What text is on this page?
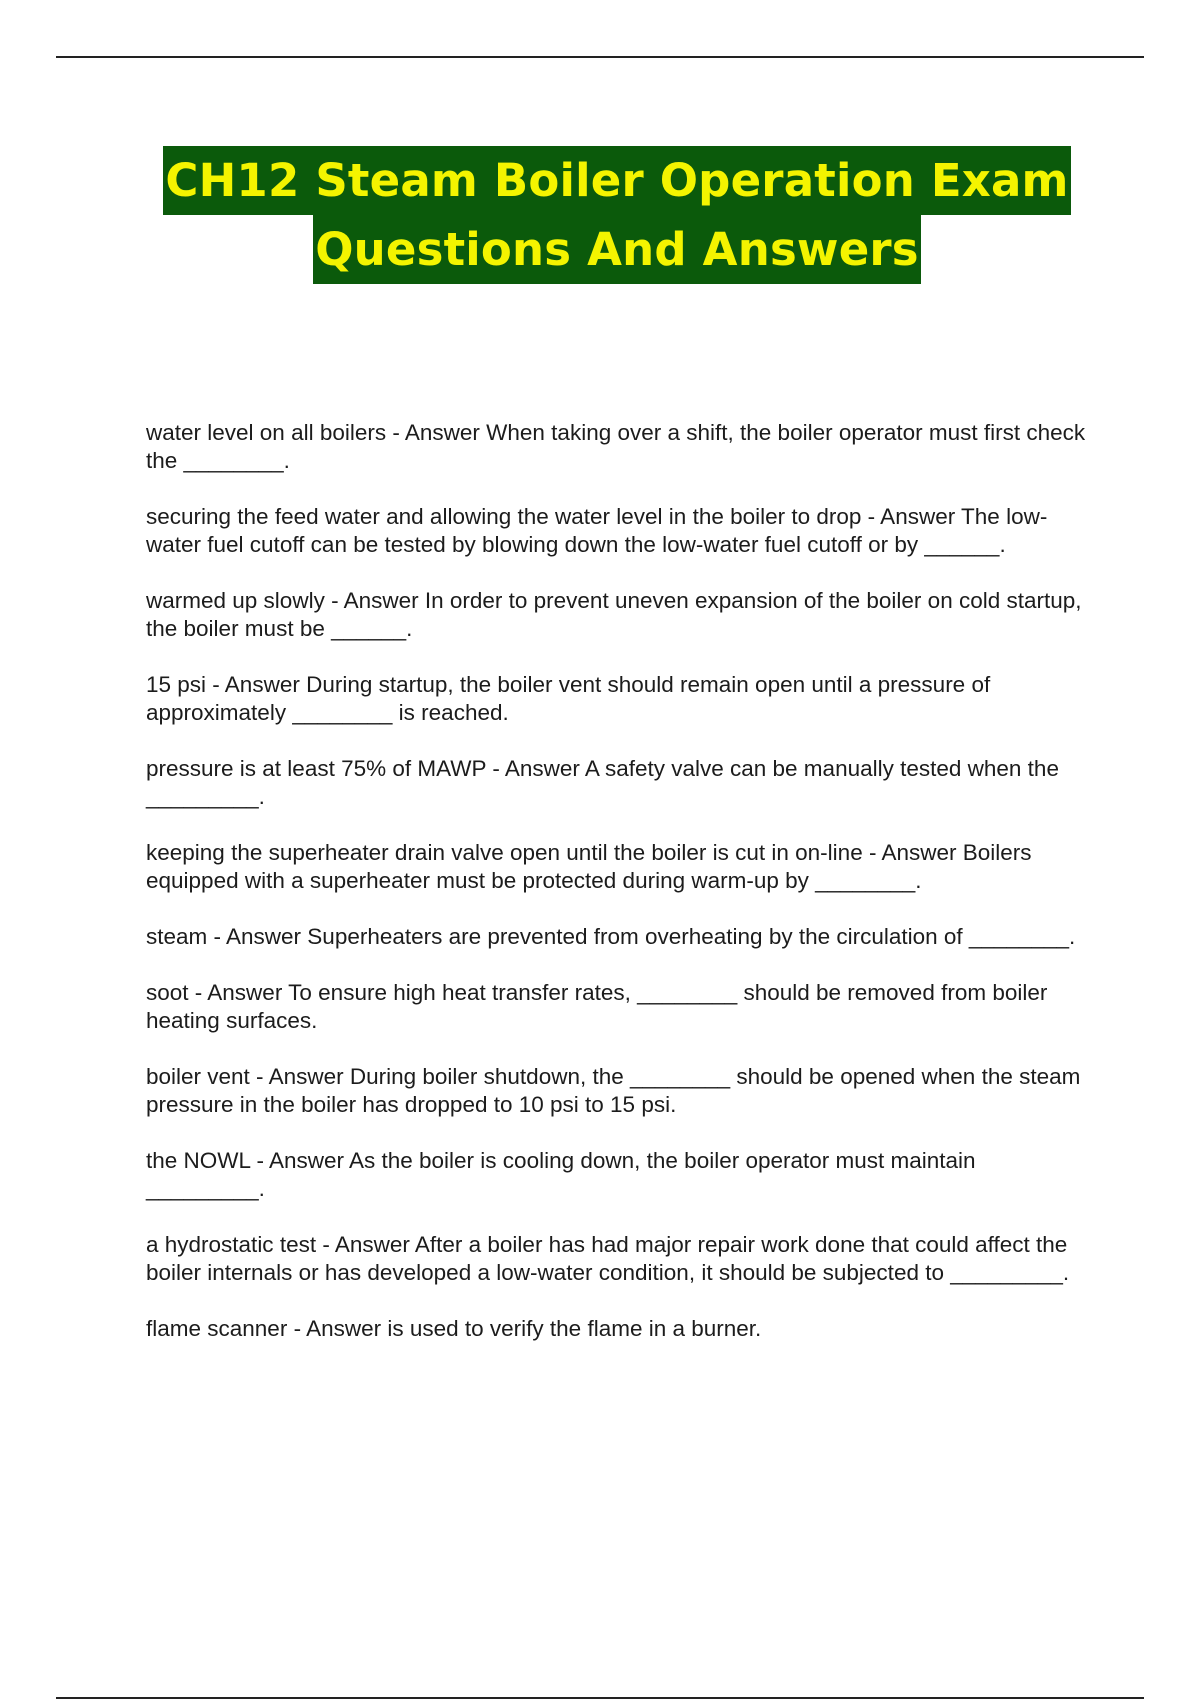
CH12 Steam Boiler Operation Exam
Questions And Answers

water level on all boilers - Answer When taking over a shift, the boiler operator must first check the ________.

securing the feed water and allowing the water level in the boiler to drop - Answer The low-water fuel cutoff can be tested by blowing down the low-water fuel cutoff or by ______.

warmed up slowly - Answer In order to prevent uneven expansion of the boiler on cold startup, the boiler must be ______.

15 psi - Answer During startup, the boiler vent should remain open until a pressure of approximately ________ is reached.

pressure is at least 75% of MAWP - Answer A safety valve can be manually tested when the _________.

keeping the superheater drain valve open until the boiler is cut in on-line - Answer Boilers equipped with a superheater must be protected during warm-up by ________.

steam - Answer Superheaters are prevented from overheating by the circulation of ________.

soot - Answer To ensure high heat transfer rates, ________ should be removed from boiler heating surfaces.

boiler vent - Answer During boiler shutdown, the ________ should be opened when the steam pressure in the boiler has dropped to 10 psi to 15 psi.

the NOWL - Answer As the boiler is cooling down, the boiler operator must maintain _________.

a hydrostatic test - Answer After a boiler has had major repair work done that could affect the boiler internals or has developed a low-water condition, it should be subjected to _________.

flame scanner - Answer is used to verify the flame in a burner.
